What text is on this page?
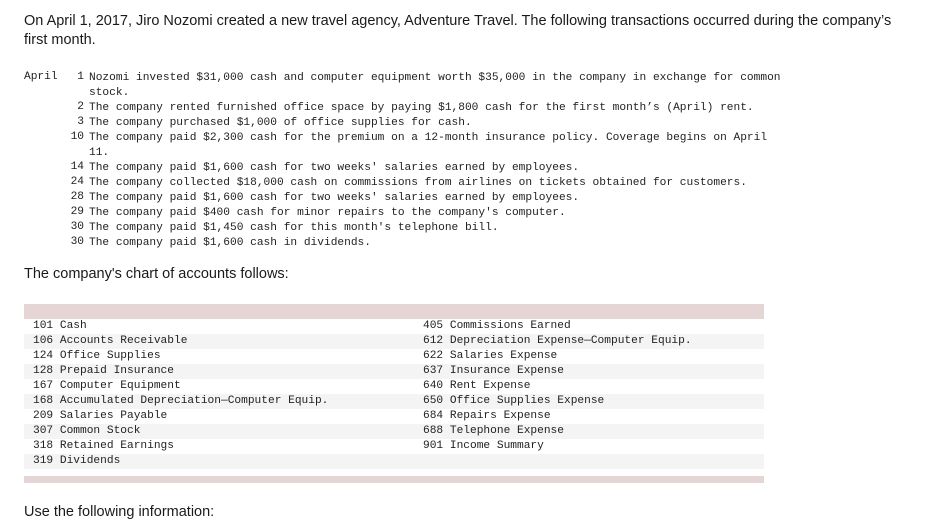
On April 1, 2017, Jiro Nozomi created a new travel agency, Adventure Travel. The following transactions occurred during the company’s first month.
April	1 Nozomi invested $31,000 cash and computer equipment worth $35,000 in the company in exchange for common
stock.
2 The company rented furnished office space by paying $1,800 cash for the first month’s (April) rent.
3 The company purchased $1,000 of office supplies for cash.
10 The company paid $2,300 cash for the premium on a 12-month insurance policy. Coverage begins on April
11.
14 The company paid $1,600 cash for two weeks' salaries earned by employees.
24 The company collected $18,000 cash on commissions from airlines on tickets obtained for customers.
28 The company paid $1,600 cash for two weeks' salaries earned by employees.
29 The company paid $400 cash for minor repairs to the company's computer.
30 The company paid $1,450 cash for this month's telephone bill.
30 The company paid $1,600 cash in dividends.
The company's chart of accounts follows:
101 Cash
106 Accounts Receivable
124 Office Supplies
128 Prepaid Insurance
167 Computer Equipment
168 Accumulated Depreciation—Computer Equip.
209 Salaries Payable
307 Common Stock
318 Retained Earnings
319 Dividends
405 Commissions Earned
612 Depreciation Expense—Computer Equip.
622 Salaries Expense
637 Insurance Expense
640 Rent Expense
650 Office Supplies Expense
684 Repairs Expense
688 Telephone Expense
901 Income Summary
Use the following information:
